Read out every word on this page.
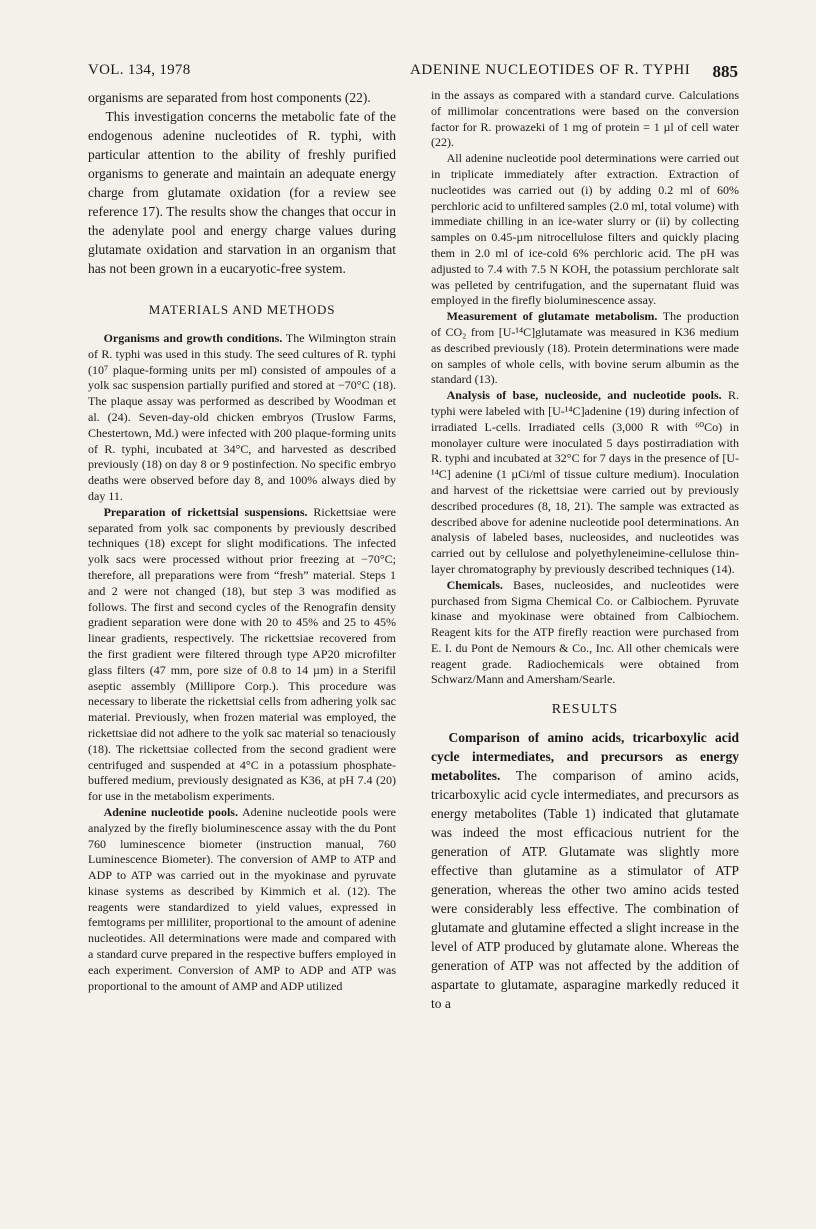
VOL. 134, 1978	ADENINE NUCLEOTIDES OF R. TYPHI 885

organisms are separated from host components (22).

This investigation concerns the metabolic fate of the endogenous adenine nucleotides of R. typhi, with particular attention to the ability of freshly purified organisms to generate and maintain an adequate energy charge from glutamate oxidation (for a review see reference 17). The results show the changes that occur in the adenylate pool and energy charge values during glutamate oxidation and starvation in an organism that has not been grown in a eucaryotic-free system.

MATERIALS AND METHODS

Organisms and growth conditions. The Wilmington strain of R. typhi was used in this study. The seed cultures of R. typhi (10⁷ plaque-forming units per ml) consisted of ampoules of a yolk sac suspension partially purified and stored at −70°C (18). The plaque assay was performed as described by Woodman et al. (24). Seven-day-old chicken embryos (Truslow Farms, Chestertown, Md.) were infected with 200 plaque-forming units of R. typhi, incubated at 34°C, and harvested as described previously (18) on day 8 or 9 postinfection. No specific embryo deaths were observed before day 8, and 100% always died by day 11.

Preparation of rickettsial suspensions. Rickettsiae were separated from yolk sac components by previously described techniques (18) except for slight modifications. The infected yolk sacs were processed without prior freezing at −70°C; therefore, all preparations were from “fresh” material. Steps 1 and 2 were not changed (18), but step 3 was modified as follows. The first and second cycles of the Renografin density gradient separation were done with 20 to 45% and 25 to 45% linear gradients, respectively. The rickettsiae recovered from the first gradient were filtered through type AP20 microfilter glass filters (47 mm, pore size of 0.8 to 14 µm) in a Sterifil aseptic assembly (Millipore Corp.). This procedure was necessary to liberate the rickettsial cells from adhering yolk sac material. Previously, when frozen material was employed, the rickettsiae did not adhere to the yolk sac material so tenaciously (18). The rickettsiae collected from the second gradient were centrifuged and suspended at 4°C in a potassium phosphate-buffered medium, previously designated as K36, at pH 7.4 (20) for use in the metabolism experiments.

Adenine nucleotide pools. Adenine nucleotide pools were analyzed by the firefly bioluminescence assay with the du Pont 760 luminescence biometer (instruction manual, 760 Luminescence Biometer). The conversion of AMP to ATP and ADP to ATP was carried out in the myokinase and pyruvate kinase systems as described by Kimmich et al. (12). The reagents were standardized to yield values, expressed in femtograms per milliliter, proportional to the amount of adenine nucleotides. All determinations were made and compared with a standard curve prepared in the respective buffers employed in each experiment. Conversion of AMP to ADP and ATP was proportional to the amount of AMP and ADP utilized

in the assays as compared with a standard curve. Calculations of millimolar concentrations were based on the conversion factor for R. prowazeki of 1 mg of protein = 1 µl of cell water (22).

All adenine nucleotide pool determinations were carried out in triplicate immediately after extraction. Extraction of nucleotides was carried out (i) by adding 0.2 ml of 60% perchloric acid to unfiltered samples (2.0 ml, total volume) with immediate chilling in an ice-water slurry or (ii) by collecting samples on 0.45-µm nitrocellulose filters and quickly placing them in 2.0 ml of ice-cold 6% perchloric acid. The pH was adjusted to 7.4 with 7.5 N KOH, the potassium perchlorate salt was pelleted by centrifugation, and the supernatant fluid was employed in the firefly bioluminescence assay.

Measurement of glutamate metabolism. The production of CO₂ from [U-¹⁴C]glutamate was measured in K36 medium as described previously (18). Protein determinations were made on samples of whole cells, with bovine serum albumin as the standard (13).

Analysis of base, nucleoside, and nucleotide pools. R. typhi were labeled with [U-¹⁴C]adenine (19) during infection of irradiated L-cells. Irradiated cells (3,000 R with ⁶⁰Co) in monolayer culture were inoculated 5 days postirradiation with R. typhi and incubated at 32°C for 7 days in the presence of [U-¹⁴C] adenine (1 µCi/ml of tissue culture medium). Inoculation and harvest of the rickettsiae were carried out by previously described procedures (8, 18, 21). The sample was extracted as described above for adenine nucleotide pool determinations. An analysis of labeled bases, nucleosides, and nucleotides was carried out by cellulose and polyethyleneimine-cellulose thin-layer chromatography by previously described techniques (14).

Chemicals. Bases, nucleosides, and nucleotides were purchased from Sigma Chemical Co. or Calbiochem. Pyruvate kinase and myokinase were obtained from Calbiochem. Reagent kits for the ATP firefly reaction were purchased from E. I. du Pont de Nemours & Co., Inc. All other chemicals were reagent grade. Radiochemicals were obtained from Schwarz/Mann and Amersham/Searle.

RESULTS

Comparison of amino acids, tricarboxylic acid cycle intermediates, and precursors as energy metabolites. The comparison of amino acids, tricarboxylic acid cycle intermediates, and precursors as energy metabolites (Table 1) indicated that glutamate was indeed the most efficacious nutrient for the generation of ATP. Glutamate was slightly more effective than glutamine as a stimulator of ATP generation, whereas the other two amino acids tested were considerably less effective. The combination of glutamate and glutamine effected a slight increase in the level of ATP produced by glutamate alone. Whereas the generation of ATP was not affected by the addition of aspartate to glutamate, asparagine markedly reduced it to a
